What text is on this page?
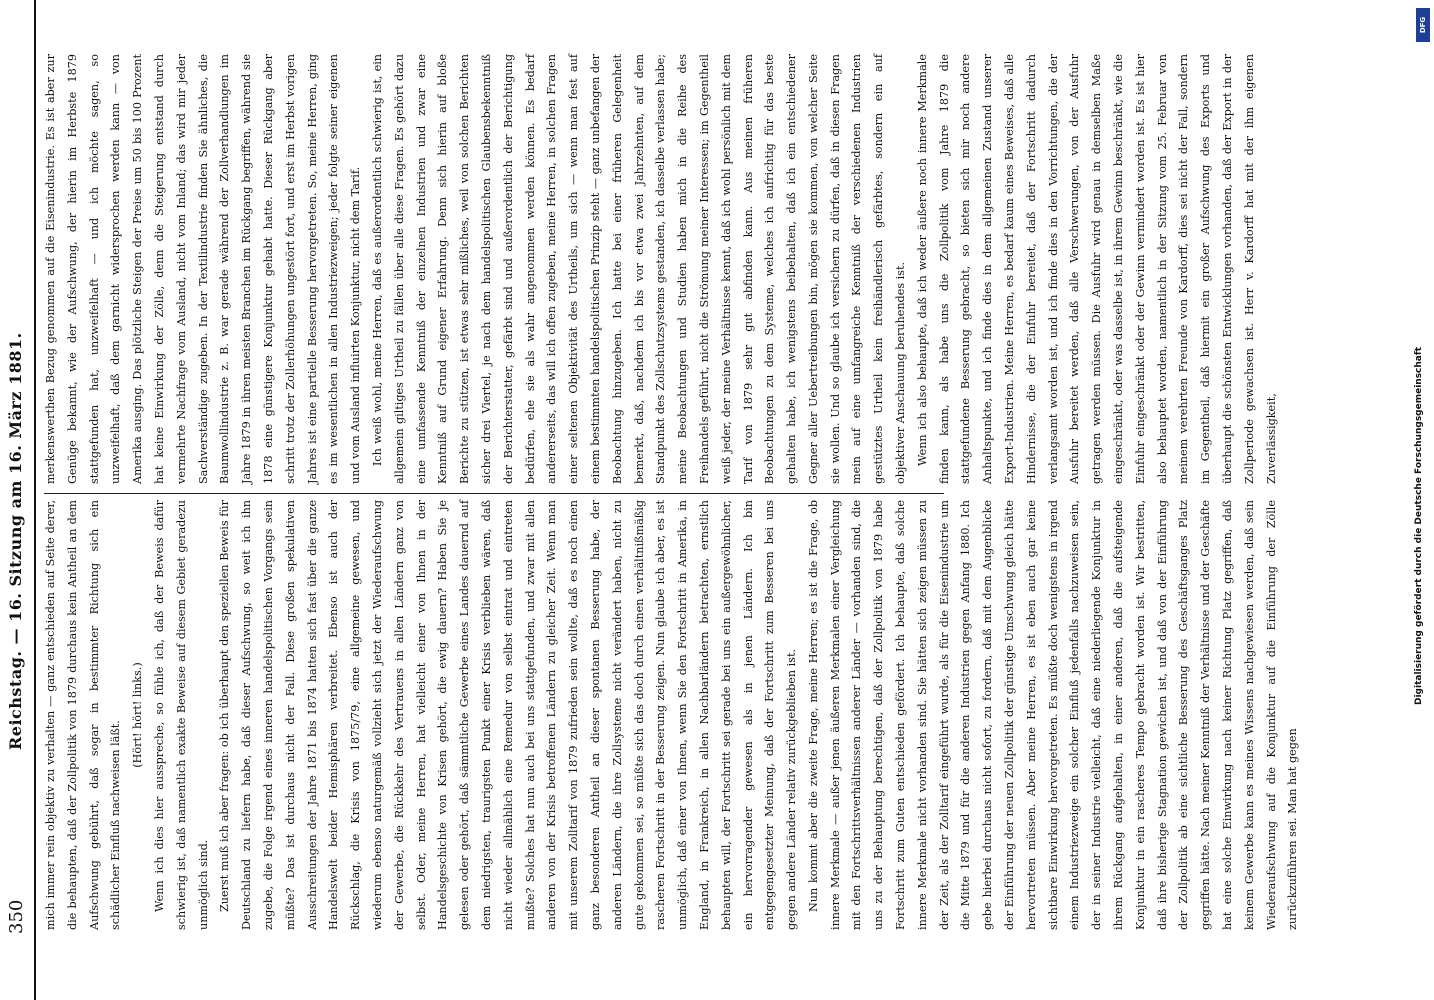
350
Reichstag. — 16. Sitzung am 16. März 1881.	mich immer rein objektiv zu verhalten — ganz entschieden auf Seite derer, die behaupten, daß der Zollpolitik von 1879 durchaus kein Antheil an dem Aufschwung gebührt, daß sogar in bestimmter Richtung sich ein schädlicher Einfluß nachweisen läßt.

(Hört! hört! links.) Wenn ich dies hier ausspreche, so fühle ich, daß der Beweis dafür schwierig ist, daß namentlich exakte Beweise auf diesem Gebiet geradezu unmöglich sind. Zuerst muß ich aber fragen: ob ich überhaupt den speziellen Beweis für Deutschland zu liefern habe, daß dieser Aufschwung, so weit ich ihn zugebe, die Folge irgend eines inneren handelspolitischen Vorgangs sein müßte? Das ist durchaus nicht der Fall. Diese großen spekulativen Ausschreitungen der Jahre 1871 bis 1874 hatten sich fast über die ganze Handelswelt beider Hemisphären verbreitet. Ebenso ist auch der Rückschlag, die Krisis von 1875/79, eine allgemeine gewesen, und wiederum ebenso naturgemäß vollzieht sich jetzt der Wiederaufschwung der Gewerbe, die Rückkehr des Vertrauens in allen Ländern ganz von selbst. Oder, meine Herren, hat vielleicht einer von Ihnen in der Handelsgeschichte von Krisen gehört, die ewig dauern? Haben Sie je gelesen oder gehört, daß sämmtliche Gewerbe eines Landes dauernd auf dem niedrigsten, traurigsten Punkt einer Krisis verblieben wären, daß nicht wieder allmählich eine Remedur von selbst eintrat und eintreten mußte? Solches hat nun auch bei uns stattgefunden, und zwar mit allen anderen von der Krisis betroffenen Ländern zu gleicher Zeit. Wenn man mit unserem Zolltarif von 1879 zufrieden sein wollte, daß es noch einen ganz besonderen Antheil an dieser spontanen Besserung habe, der anderen Ländern, die ihre Zollsysteme nicht verändert haben, nicht zu gute gekommen sei, so müßte sich das doch durch einen verhältnißmäßig rascheren Fortschritt in der Besserung zeigen. Nun glaube ich aber, es ist unmöglich, daß einer von Ihnen, wenn Sie den Fortschritt in Amerika, in England, in Frankreich, in allen Nachbarländern betrachten, ernstlich behaupten will, der Fortschritt sei gerade bei uns ein außergewöhnlicher, ein hervorragender gewesen als in jenen Ländern. Ich bin entgegengesetzter Meinung, daß der Fortschritt zum Besseren bei uns gegen andere Länder relativ zurückgeblieben ist. Nun kommt aber die zweite Frage, meine Herren; es ist die Frage, ob innere Merkmale — außer jenen äußeren Merkmalen einer Vergleichung mit den Fortschrittsverhältnissen anderer Länder — vorhanden sind, die uns zu der Behauptung berechtigen, daß der Zollpolitik von 1879 habe Fortschritt zum Guten entschieden gefördert. Ich behaupte, daß solche innere Merkmale nicht vorhanden sind. Sie hätten sich zeigen müssen zu der Zeit, als der Zolltarif eingeführt wurde, als für die Eisenindustrie um die Mitte 1879 und für die anderen Industrien gegen Anfang 1880. Ich gebe hierbei durchaus nicht sofort, zu fordern, daß mit dem Augenblicke der Einführung der neuen Zollpolitik der günstige Umschwung gleich hätte hervortreten müssen. Aber meine Herren, es ist eben auch gar keine sichtbare Einwirkung hervorgetreten. Es müßte doch wenigstens in irgend einem Industriezweige ein solcher Einfluß jedenfalls nachzuweisen sein, der in seiner Industrie vielleicht, daß eine niederliegende Konjunktur in ihrem Rückgang aufgehalten, in einer anderen, daß die aufsteigende Konjunktur in ein rascheres Tempo gebracht worden ist. Wir bestritten, daß ihre bisherige Stagnation gewichen ist, und daß von der Einführung der Zollpolitik ab eine sichtliche Besserung des Geschäftsganges Platz gegriffen hätte. Nach meiner Kenntniß der Verhältnisse und der Geschäfte hat eine solche Einwirkung nach keiner Richtung Platz gegriffen, daß keinem Gewerbe kann es meines Wissens nachgewiesen werden, daß sein Wiederaufschwung auf die Konjunktur auf die Einführung der Zölle zurückzuführen sei. Man hat gegen

merkenswerthen Bezug genommen auf die Eisenindustrie. Es ist aber zur Genüge bekannt, wie der Aufschwung, der hierin im Herbste 1879 stattgefunden hat, unzweifelhaft — und ich möchte sagen, so unzweifelhaft, daß dem garnicht widersprochen werden kann — von Amerika ausging. Das plötzliche Steigen der Preise um 50 bis 100 Prozent hat keine Einwirkung der Zölle, denn die Steigerung entstand durch vermehrte Nachfrage vom Ausland, nicht vom Inland; das wird mir jeder Sachverständige zugeben. In der Textilindustrie finden Sie ähnliches, die Baumwollindustrie z. B. war gerade während der Zollverhandlungen im Jahre 1879 in ihren meisten Branchen im Rückgang begriffen, während sie 1878 eine günstigere Konjunktur gehabt hatte. Dieser Rückgang aber schritt trotz der Zollerhöhungen ungestört fort, und erst im Herbst vorigen Jahres ist eine partielle Besserung hervorgetreten. So, meine Herren, ging es im wesentlichen in allen Industriezweigen; jeder folgte seiner eigenen und vom Ausland influirten Konjunktur, nicht dem Tarif. Ich weiß wohl, meine Herren, daß es außerordentlich schwierig ist, ein allgemein giltiges Urtheil zu fällen über alle diese Fragen. Es gehört dazu eine umfassende Kenntniß der einzelnen Industrien und zwar eine Kenntniß auf Grund eigener Erfahrung. Denn sich hierin auf bloße Berichte zu stützen, ist etwas sehr mißliches, weil von solchen Berichten sicher drei Viertel, je nach dem handelspolitischen Glaubensbekenntniß der Berichterstatter, gefärbt sind und außerordentlich der Berichtigung bedürfen, ehe sie als wahr angenommen werden können. Es bedarf andererseits, das will ich offen zugeben, meine Herren, in solchen Fragen einer seltenen Objektivität des Urtheils, um sich — wenn man fest auf einem bestimmten handelspolitischen Prinzip steht — ganz unbefangen der Beobachtung hinzugeben. Ich hatte bei einer früheren Gelegenheit bemerkt, daß, nachdem ich bis vor etwa zwei Jahrzehnten, auf dem Standpunkt des Zollschutzsystems gestanden, ich dasselbe verlassen habe; meine Beobachtungen und Studien haben mich in die Reihe des Freihandels geführt, nicht die Strömung meiner Interessen; im Gegentheil weiß jeder, der meine Verhältnisse kennt, daß ich wohl persönlich mit dem Tarif von 1879 sehr gut abfinden kann. Aus meinen früheren Beobachtungen zu dem Systeme, welches ich aufrichtig für das beste gehalten habe, ich wenigstens beibehalten, daß ich ein entschiedener Gegner aller Uebertreibungen bin, mögen sie kommen, von welcher Seite sie wollen. Und so glaube ich versichern zu dürfen, daß in diesen Fragen mein auf eine umfangreiche Kenntniß der verschiedenen Industrien gestütztes Urtheil kein freihändlerisch gefärbtes, sondern ein auf objektiver Anschauung beruhendes ist. Wenn ich also behaupte, daß ich weder äußere noch innere Merkmale finden kann, als habe uns die Zollpolitik vom Jahre 1879 die stattgefundene Besserung gebracht, so bieten sich mir noch andere Anhaltspunkte, und ich finde dies in dem allgemeinen Zustand unserer Export-Industrien. Meine Herren, es bedarf kaum eines Beweises, daß alle Hindernisse, die der Einfuhr bereitet, daß der Fortschritt dadurch verlangsamt worden ist, und ich finde dies in den Vorrichtungen, die der Ausfuhr bereitet werden, daß alle Verschwerungen, von der Ausfuhr getragen werden müssen. Die Ausfuhr wird genau in demselben Maße eingeschränkt, oder was dasselbe ist, in ihrem Gewinn beschränkt, wie die Einfuhr eingeschränkt oder der Gewinn vermindert worden ist. Es ist hier also behauptet worden, namentlich in der Sitzung vom 25. Februar von meinem verehrten Freunde von Kardorff, dies sei nicht der Fall, sondern im Gegentheil, daß hiermit ein großer Aufschwung des Exports und überhaupt die schönsten Entwicklungen vorhanden, daß der Export in der Zollperiode gewachsen ist. Herr v. Kardorff hat mit der ihm eigenen Zuverlässigkeit,	Digitalisierung gefördert durch die Deutsche Forschungsgemeinschaft
DFG
